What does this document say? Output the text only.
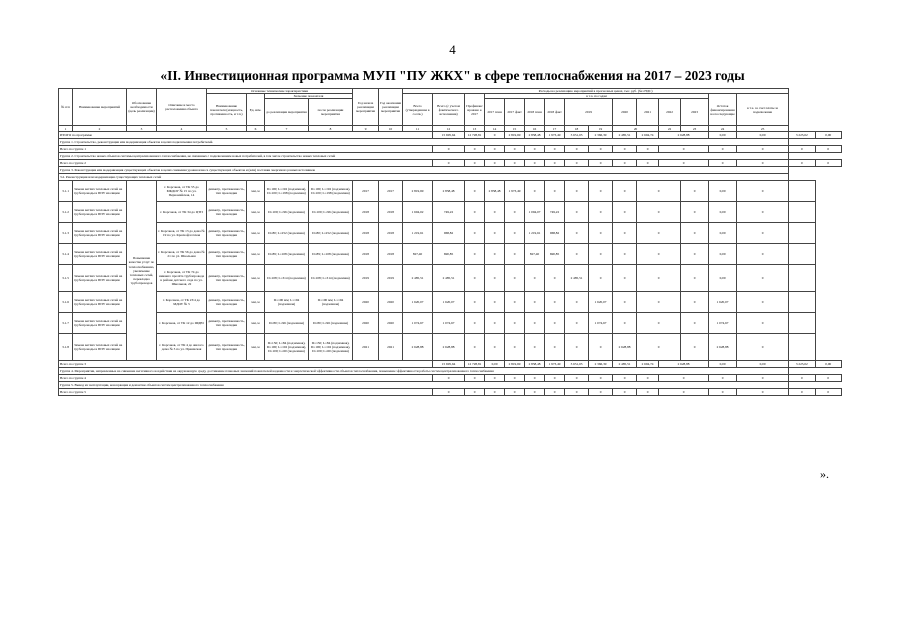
4
«II. Инвестиционная программа МУП "ПУ ЖКХ" в сфере теплоснабжения на 2017 – 2023 годы
№ п/п	Наименование мероприятий	Обоснование необходимости (цель реализации)	Описание и место расположения объекта	Основные технические характеристики				Год начала реализации мероприятия	Год окончания реализации мероприятия	Расходы на реализацию мероприятий в прогнозных ценах, тыс. руб. (без НДС)																
				Наименование показателя (мощность, протяженность, и т.п.)	Ед. изм.	Значение показателя				Всего (утвержденная в соотв.)	Всего (с учетом фактического исполнения)	Профинансировано к 2017	в т.ч. по годам										Остаток финансирования на последующие	в т.ч. за счет платы за подключение		
						до реализации мероприятия	после реализации мероприятия						2017 план	2017 факт	2018 план	2018 факт	2019		2020	2021	2022	2023				
1	2	3	4	5	6	7	8	9	10	11	12	13	14	15	16	17	18	19	20		22	23	24	25		
ИТОГО по программе											15 695,64	12 728,81	0	2 819,69	2 858,48	1 973,49	3 651,03	2 366,39	2 485,51	2 694,74	2 628,88		0,00	0,00	3 223,02	0,00
Группа 1. Строительство, реконструкция или модернизация объектов в целях подключения потребителей.																										
Всего по группе 1											0	0	0	0	0	0	0	0	0	0	0		0	0	0	0
Группа 2. Строительство новых объектов системы централизованного теплоснабжения, не связанных с подключением новых потребителей, в том числе строительство новых тепловых сетей																										
Всего по группе 2											0	0	0	0	0	0	0	0	0	0	0		0	0	0	0
Группа 3. Реконструкция или модернизация существующих объектов в целях снижения уровня износа существующих объектов и (или) поставки энергии из разных источников																										
3.2. Реконструкция или модернизация существующих тепловых сетей																										
3.1.1	Замена ветхих тепловых сетей на трубопроводы в ППУ изоляции	Повышение качества услуг по теплоснабжению, увеличение тепловых сетей, перекладка трубопроводов	г. Корсаков, от ТК 55 до МКДОУ № 15 по ул. Первомайская, 14	диаметр, протяженность, тип прокладки	мм, м	D=100; L=192 (подземная), D=100; L=198 (подземная)	D=100; L=192 (подземная), D=100; L=198 (подземная)	2017	2017	2 819,69	2 858,48	0	2 858,48	1 973,49	0	0	0	0	0	0		0	0,00	0		
3.1.2	Замена ветхих тепловых сетей на трубопроводы в ППУ изоляции		г. Корсаков, от ТК 34 до ЦТП	диаметр, протяженность, тип прокладки	мм, м	D=100; L=96 (подземная)	D=100; L=96 (подземная)	2018	2018	1 604,02	749,22	0	0	0	1 094,07	749,22	0	0	0	0		0	0,00	0		
3.1.3	Замена ветхих тепловых сетей на трубопроводы в ППУ изоляции		г. Корсаков, от ТК 13 до дома № 19 по ул. Краснофлотская	диаметр, протяженность, тип прокладки	мм, м	D=80; L=252 (подземная)	D=80; L=252 (подземная)	2018	2018	1 219,61	968,82	0	0	0	1 219,61	968,82	0	0	0	0		0	0,00	0		
3.1.4	Замена ветхих тепловых сетей на трубопроводы в ППУ изоляции		г. Корсаков, от ТК 56 до дома № 21 по ул. Школьная	диаметр, протяженность, тип прокладки	мм, м	D=89; L=108 (подземная)	D=89; L=108 (подземная)	2018	2018	827,40	690,85	0	0	0	827,40	690,85	0	0	0	0		0	0,00	0		
3.1.5	Замена ветхих тепловых сетей на трубопроводы в ППУ изоляции		г. Корсаков, от ТК 74 до нижнего пролёта трубопровода в районе детского сада по ул. Школьная, 22	диаметр, протяженность, тип прокладки	мм, м	D=108; L=314 (подземная)	D=108; L=314 (подземная)	2019	2019	2 485,51	2 485,51	0	0	0	0	0	2 485,51	0	0	0		0	0,00	0		
3.1.6	Замена ветхих тепловых сетей на трубопроводы в ППУ изоляции		г. Корсаков, от ТК 23/4 до МДОУ № 5	диаметр, протяженность, тип прокладки	мм, м	D=100 мм; L=194 (подземная)	D=100 мм; L=194 (подземная)	2020	2020	1 620,07	1 620,07	0	0	0	0	0	0	1 620,07	0	0		0	1 620,07	0		
3.1.7	Замена ветхих тепловых сетей на трубопроводы в ППУ изоляции		г. Корсаков, от ТК 12 до ШДЮ	диаметр, протяженность, тип прокладки	мм, м	D=80; L=96 (подземная)	D=80; L=96 (подземная)	2020	2020	1 074,67	1 074,67	0	0	0	0	0	0	1 074,67	0	0		0	1 074,67	0		
3.1.8	Замена ветхих тепловых сетей на трубопроводы в ППУ изоляции		г. Корсаков, от ТК 4 до жилого дома № 3 по ул. Приамская	диаметр, протяженность, тип прокладки	мм, м	D=150; L=84 (подземная), D=100; L=102 (подземная), D=100; L=60 (подземная)	D=150; L=84 (подземная), D=100; L=102 (подземная), D=100; L=60 (подземная)	2021	2021	2 628,88	2 628,88	0	0	0	0	0	0	0	2 628,88	0		0	2 628,88	0		
Всего по группе 3											15 695,64	12 728,81	0,00	2 819,69	2 858,48	1 973,49	3 651,03	2 366,39	2 485,51	2 694,74	2 628,88		0,00	0,00	3 223,02	0,00
Группа 4. Мероприятия, направленные на снижение негативного воздействия на окружающую среду, достижение плановых значений показателей надежности и энергетической эффективности объектов теплоснабжения, повышение эффективности работы систем централизованного теплоснабжения																										
Всего по группе 4											0	0	0	0	0	0	0	0	0	0	0		0	0	0	0
Группа 5. Вывод из эксплуатации, консервация и демонтаж объектов систем централизованного теплоснабжения																										
Всего по группе 5											0	0	0	0	0	0	0	0	0	0	0		0	0	0	0
».
